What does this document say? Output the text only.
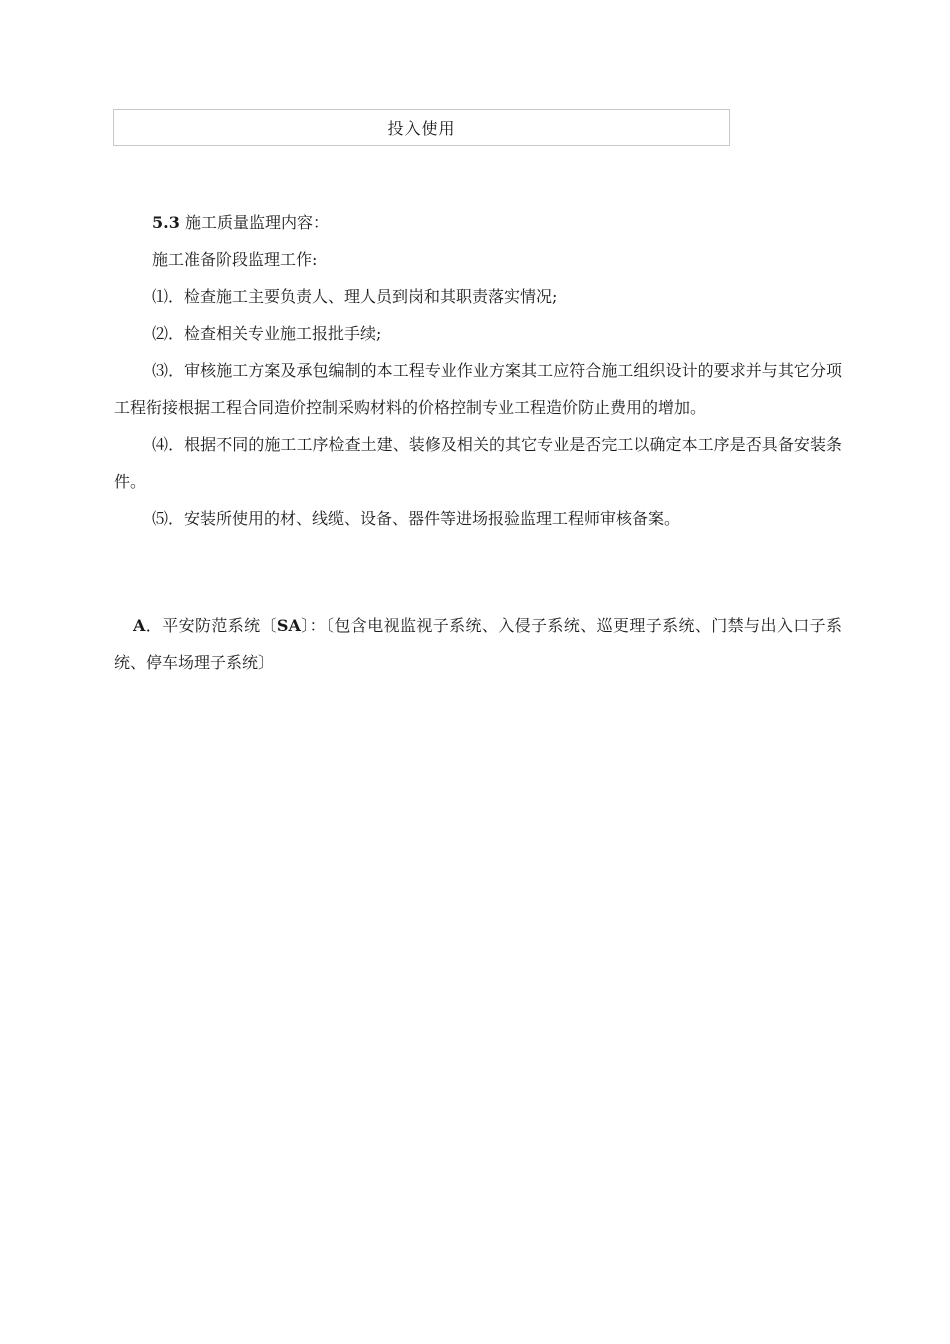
投入使用

5.3 施工质量监理内容：

施工准备阶段监理工作:

⑴．检查施工主要负责人、理人员到岗和其职责落实情况;

⑵．检查相关专业施工报批手续;

⑶．审核施工方案及承包编制的本工程专业作业方案其工应符合施工组织设计的要求并与其它分项工程衔接根据工程合同造价控制采购材料的价格控制专业工程造价防止费用的增加。

⑷．根据不同的施工工序检查土建、装修及相关的其它专业是否完工以确定本工序是否具备安装条件。

⑸．安装所使用的材、线缆、设备、器件等进场报验监理工程师审核备案。

A．平安防范系统〔SA〕：〔包含电视监视子系统、入侵子系统、巡更理子系统、门禁与出入口子系统、停车场理子系统〕
